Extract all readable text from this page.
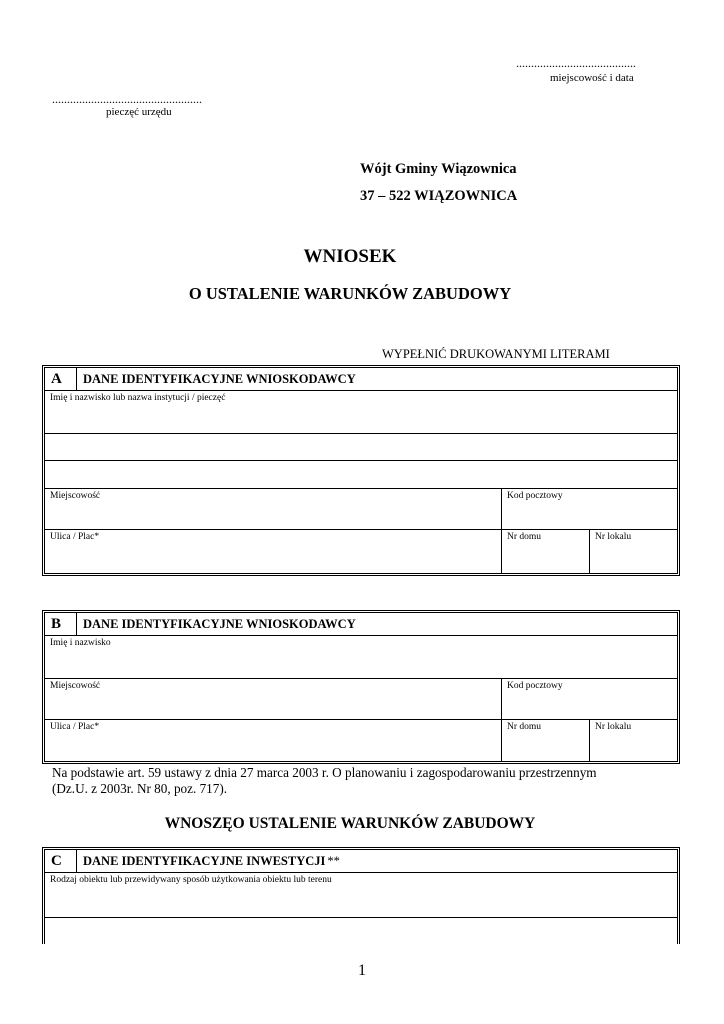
........................................
miejscowość i data
..................................................
pieczęć urzędu
Wójt Gminy Wiązownica
37 – 522 WIĄZOWNICA
WNIOSEK
O USTALENIE WARUNKÓW ZABUDOWY
WYPEŁNIĆ DRUKOWANYMI LITERAMI
A	DANE IDENTYFIKACYJNE WNIOSKODAWCY
Imię i nazwisko lub nazwa instytucji / pieczęć
Miejscowość	Kod pocztowy
Ulica / Plac*	Nr domu	Nr lokalu
B	DANE IDENTYFIKACYJNE WNIOSKODAWCY
Imię i nazwisko
Miejscowość	Kod pocztowy
Ulica / Plac*	Nr domu	Nr lokalu
Na podstawie art. 59 ustawy z dnia 27 marca 2003 r. O planowaniu i zagospodarowaniu przestrzennym
(Dz.U. z 2003r. Nr 80, poz. 717).
WNOSZĘO USTALENIE WARUNKÓW ZABUDOWY
C	DANE IDENTYFIKACYJNE INWESTYCJI **
Rodzaj obiektu lub przewidywany sposób użytkowania obiektu lub terenu
1
